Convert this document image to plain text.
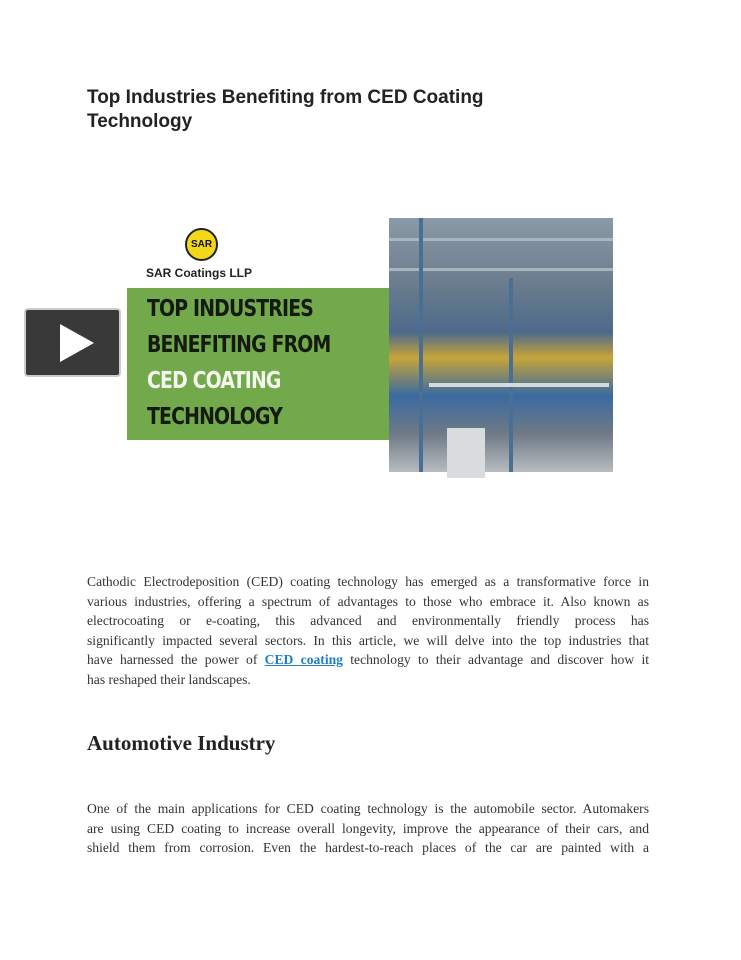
Top Industries Benefiting from CED Coating
Technology
SAR
SAR Coatings LLP
TOP INDUSTRIES
BENEFITING FROM
CED COATING
TECHNOLOGY
Cathodic Electrodeposition (CED) coating technology has emerged as a transformative force in
various industries, offering a spectrum of advantages to those who embrace it. Also known as
electrocoating or e-coating, this advanced and environmentally friendly process has
significantly impacted several sectors. In this article, we will delve into the top industries that
have harnessed the power of CED coating technology to their advantage and discover how it
has reshaped their landscapes.
Automotive Industry
One of the main applications for CED coating technology is the automobile sector. Automakers
are using CED coating to increase overall longevity, improve the appearance of their cars, and
shield them from corrosion. Even the hardest-to-reach places of the car are painted with a
